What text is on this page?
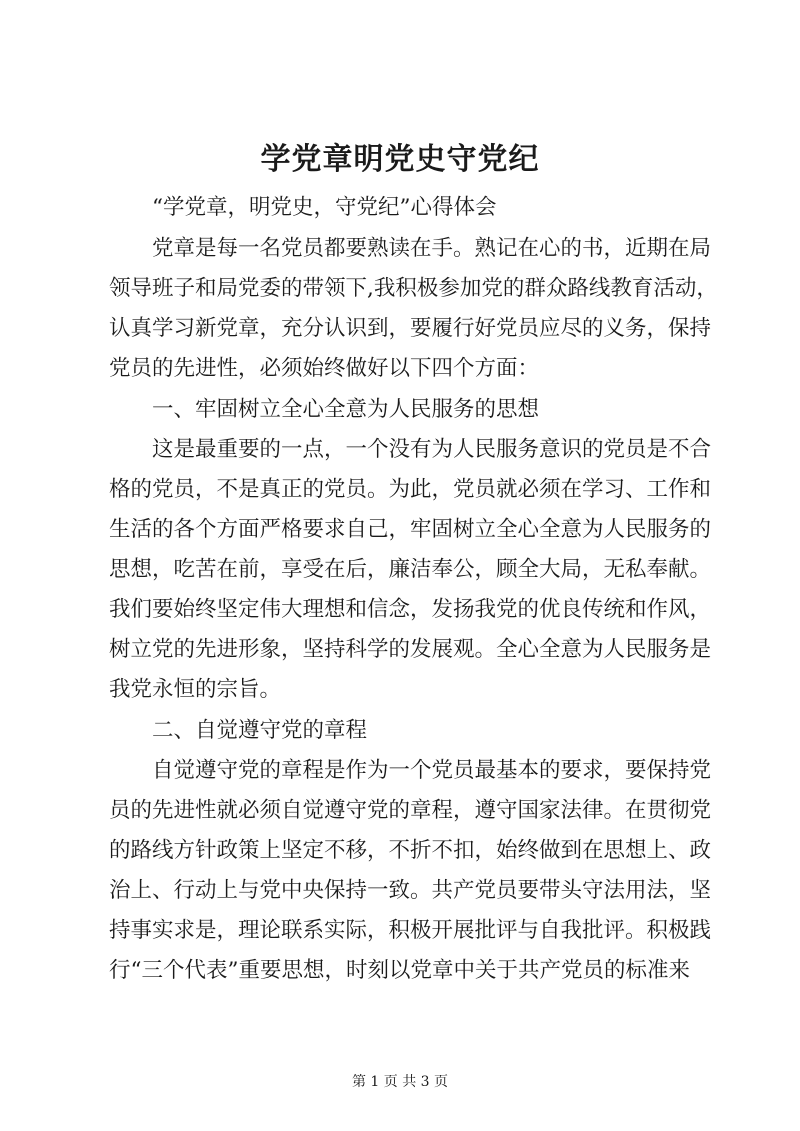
学党章明党史守党纪
“学党章，明党史，守党纪”心得体会
党章是每一名党员都要熟读在手。熟记在心的书，近期在局
领导班子和局党委的带领下,我积极参加党的群众路线教育活动，
认真学习新党章，充分认识到，要履行好党员应尽的义务，保持
党员的先进性，必须始终做好以下四个方面：
一、牢固树立全心全意为人民服务的思想
这是最重要的一点，一个没有为人民服务意识的党员是不合
格的党员，不是真正的党员。为此，党员就必须在学习、工作和
生活的各个方面严格要求自己，牢固树立全心全意为人民服务的
思想，吃苦在前，享受在后，廉洁奉公，顾全大局，无私奉献。
我们要始终坚定伟大理想和信念，发扬我党的优良传统和作风，
树立党的先进形象，坚持科学的发展观。全心全意为人民服务是
我党永恒的宗旨。
二、自觉遵守党的章程
自觉遵守党的章程是作为一个党员最基本的要求，要保持党
员的先进性就必须自觉遵守党的章程，遵守国家法律。在贯彻党
的路线方针政策上坚定不移，不折不扣，始终做到在思想上、政
治上、行动上与党中央保持一致。共产党员要带头守法用法，坚
持事实求是，理论联系实际，积极开展批评与自我批评。积极践
行“三个代表”重要思想，时刻以党章中关于共产党员的标准来
第 1 页 共 3 页
